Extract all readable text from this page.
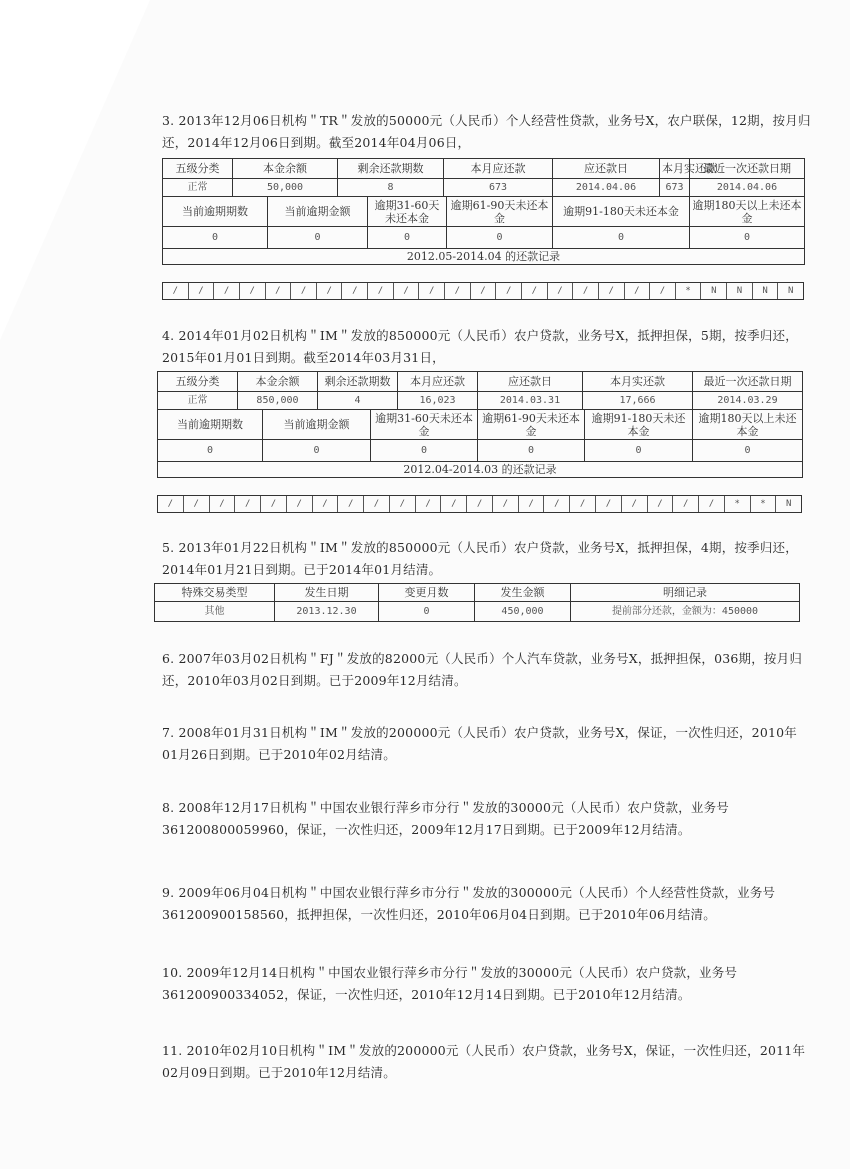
3. 2013年12月06日机构＂TR＂发放的50000元（人民币）个人经营性贷款，业务号X，农户联保，12期，按月归还，2014年12月06日到期。截至2014年04月06日，
五级分类	本金余额		剩余还款期数		本月应还款		应还款日	本月实还款	最近一次还款日期
正常	50,000		8		673		2014.04.06	673	2014.04.06
当前逾期期数		当前逾期金额		逾期31-60天未还本金		逾期61-90天未还本金	逾期91-180天未还本金		逾期180天以上未还本金
0		0		0		0	0		0
2012.05-2014.04 的还款记录									
/	/	/	/	/	/	/	/	/	/	/	/	/	/	/	/	/	/	/	/	*	N	N	N	N
4. 2014年01月02日机构＂IM＂发放的850000元（人民币）农户贷款，业务号X，抵押担保，5期，按季归还，2015年01月01日到期。截至2014年03月31日，
五级分类	本金余额	剩余还款期数	本月应还款	应还款日	本月实还款	最近一次还款日期
正常	850,000	4	16,023	2014.03.31	17,666	2014.03.29
当前逾期期数	当前逾期金额	逾期31-60天未还本金	逾期61-90天未还本金	逾期91-180天未还本金	逾期180天以上未还本金
0	0	0	0	0	0
2012.04-2014.03 的还款记录					
/	/	/	/	/	/	/	/	/	/	/	/	/	/	/	/	/	/	/	/	/	/	*	*	N
5. 2013年01月22日机构＂IM＂发放的850000元（人民币）农户贷款，业务号X，抵押担保，4期，按季归还，2014年01月21日到期。已于2014年01月结清。
特殊交易类型	发生日期	变更月数	发生金额	明细记录
其他	2013.12.30	0	450,000	提前部分还款，金额为：450000
6. 2007年03月02日机构＂FJ＂发放的82000元（人民币）个人汽车贷款，业务号X，抵押担保，036期，按月归还，2010年03月02日到期。已于2009年12月结清。
7. 2008年01月31日机构＂IM＂发放的200000元（人民币）农户贷款，业务号X，保证，一次性归还，2010年01月26日到期。已于2010年02月结清。
8. 2008年12月17日机构＂中国农业银行萍乡市分行＂发放的30000元（人民币）农户贷款，业务号361200800059960，保证，一次性归还，2009年12月17日到期。已于2009年12月结清。
9. 2009年06月04日机构＂中国农业银行萍乡市分行＂发放的300000元（人民币）个人经营性贷款，业务号361200900158560，抵押担保，一次性归还，2010年06月04日到期。已于2010年06月结清。
10. 2009年12月14日机构＂中国农业银行萍乡市分行＂发放的30000元（人民币）农户贷款，业务号361200900334052，保证，一次性归还，2010年12月14日到期。已于2010年12月结清。
11. 2010年02月10日机构＂IM＂发放的200000元（人民币）农户贷款，业务号X，保证，一次性归还，2011年02月09日到期。已于2010年12月结清。
